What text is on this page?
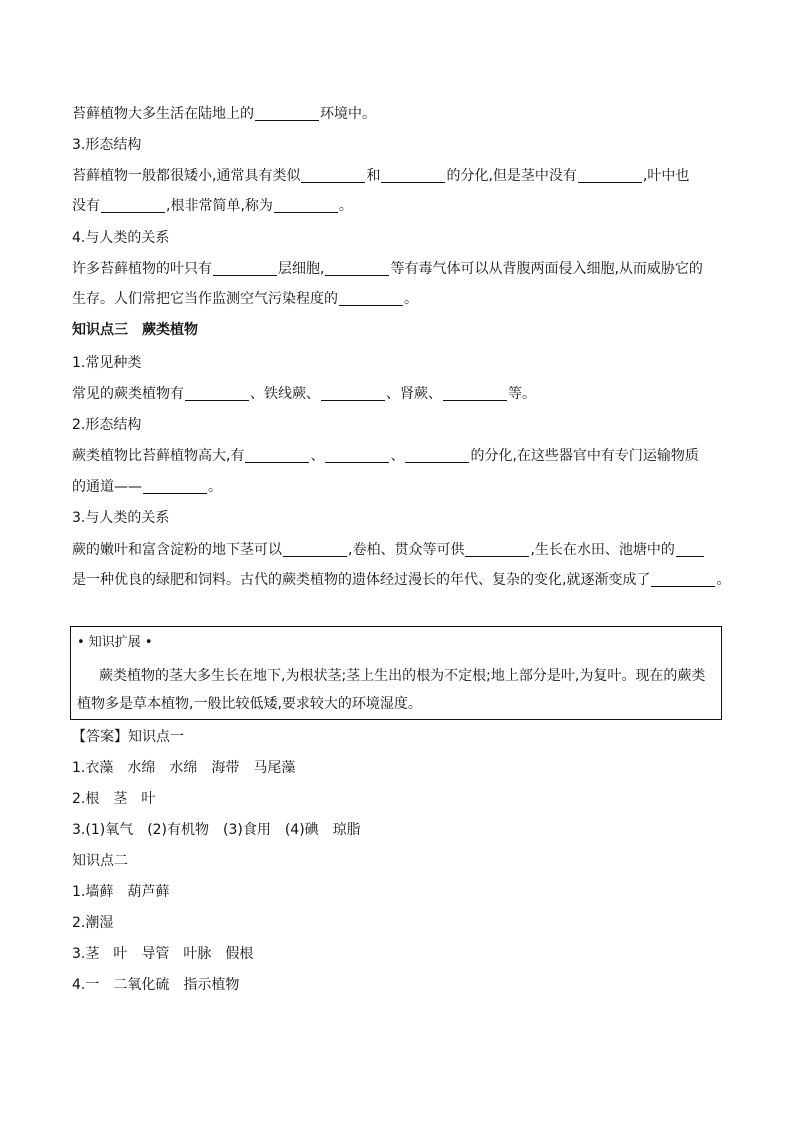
苔藓植物大多生活在陆地上的	环境中。
3.形态结构
苔藓植物一般都很矮小,通常具有类似	和	的分化,但是茎中没有	,叶中也
没有	,根非常简单,称为	。
4.与人类的关系
许多苔藓植物的叶只有	层细胞,	等有毒气体可以从背腹两面侵入细胞,从而威胁它的
生存。人们常把它当作监测空气污染程度的	。
知识点三　蕨类植物
1.常见种类
常见的蕨类植物有	、铁线蕨、	、肾蕨、	等。
2.形态结构
蕨类植物比苔藓植物高大,有	、	、	的分化,在这些器官中有专门运输物质
的通道——	。
3.与人类的关系
蕨的嫩叶和富含淀粉的地下茎可以	,卷柏、贯众等可供	,生长在水田、池塘中的
是一种优良的绿肥和饲料。古代的蕨类植物的遗体经过漫长的年代、复杂的变化,就逐渐变成了	。
• 知识扩展 •
蕨类植物的茎大多生长在地下,为根状茎;茎上生出的根为不定根;地上部分是叶,为复叶。现在的蕨类
植物多是草本植物,一般比较低矮,要求较大的环境湿度。
【答案】知识点一
1.衣藻　水绵　水绵　海带　马尾藻
2.根　茎　叶
3.(1)氧气　(2)有机物　(3)食用　(4)碘　琼脂
知识点二
1.墙藓　葫芦藓
2.潮湿
3.茎　叶　导管　叶脉　假根
4.一　二氧化硫　指示植物
